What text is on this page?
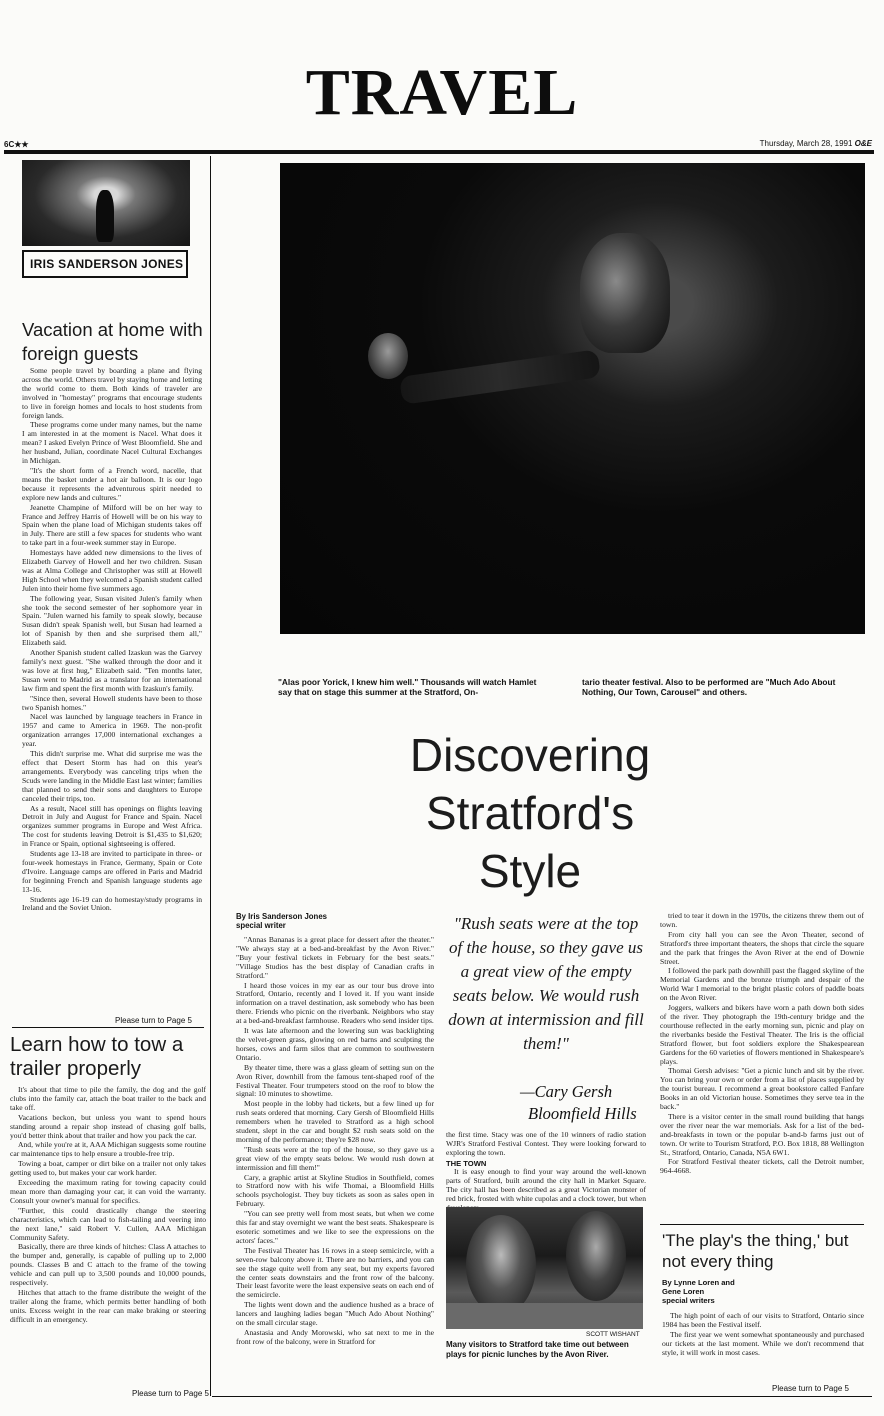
TRAVEL
6C★★	Thursday, March 28, 1991 O&E
IRIS SANDERSON JONES
Vacation at home with foreign guests

Some people travel by boarding a plane and flying across the world. Others travel by staying home and letting the world come to them. Both kinds of traveler are involved in "homestay" programs that encourage students to live in foreign homes and locals to host students from foreign lands.

These programs come under many names, but the name I am interested in at the moment is Nacel. What does it mean? I asked Evelyn Prince of West Bloomfield. She and her husband, Julian, coordinate Nacel Cultural Exchanges in Michigan.

"It's the short form of a French word, nacelle, that means the basket under a hot air balloon. It is our logo because it represents the adventurous spirit needed to explore new lands and cultures."

Jeanette Champine of Milford will be on her way to France and Jeffrey Harris of Howell will be on his way to Spain when the plane load of Michigan students takes off in July. There are still a few spaces for students who want to take part in a four-week summer stay in Europe.

Homestays have added new dimensions to the lives of Elizabeth Garvey of Howell and her two children. Susan was at Alma College and Christopher was still at Howell High School when they welcomed a Spanish student called Julen into their home five summers ago.

The following year, Susan visited Julen's family when she took the second semester of her sophomore year in Spain. "Julen warned his family to speak slowly, because Susan didn't speak Spanish well, but Susan had learned a lot of Spanish by then and she surprised them all," Elizabeth said.

Another Spanish student called Izaskun was the Garvey family's next guest. "She walked through the door and it was love at first hug," Elizabeth said. "Ten months later, Susan went to Madrid as a translator for an international law firm and spent the first month with Izaskun's family.

"Since then, several Howell students have been to those two Spanish homes."

Nacel was launched by language teachers in France in 1957 and came to America in 1969. The non-profit organization arranges 17,000 international exchanges a year.

This didn't surprise me. What did surprise me was the effect that Desert Storm has had on this year's arrangements. Everybody was canceling trips when the Scuds were landing in the Middle East last winter; families that planned to send their sons and daughters to Europe canceled their trips, too.

As a result, Nacel still has openings on flights leaving Detroit in July and August for France and Spain. Nacel organizes summer programs in Europe and West Africa. The cost for students leaving Detroit is $1,435 to $1,620; in France or Spain, optional sightseeing is offered.

Students age 13-18 are invited to participate in three- or four-week homestays in France, Germany, Spain or Cote d'Ivoire. Language camps are offered in Paris and Madrid for beginning French and Spanish language students age 13-16.

Students age 16-19 can do homestay/study programs in Ireland and the Soviet Union.

Please turn to Page 5
Learn how to tow a trailer properly

It's about that time to pile the family, the dog and the golf clubs into the family car, attach the boat trailer to the back and take off.

Vacations beckon, but unless you want to spend hours standing around a repair shop instead of chasing golf balls, you'd better think about that trailer and how you pack the car.

And, while you're at it, AAA Michigan suggests some routine car maintenance tips to help ensure a trouble-free trip.

Towing a boat, camper or dirt bike on a trailer not only takes getting used to, but makes your car work harder.

Exceeding the maximum rating for towing capacity could mean more than damaging your car, it can void the warranty. Consult your owner's manual for specifics.

"Further, this could drastically change the steering characteristics, which can lead to fish-tailing and veering into the next lane," said Robert V. Cullen, AAA Michigan Community Safety.

Basically, there are three kinds of hitches: Class A attaches to the bumper and, generally, is capable of pulling up to 2,000 pounds. Classes B and C attach to the frame of the towing vehicle and can pull up to 3,500 pounds and 10,000 pounds, respectively.

Hitches that attach to the frame distribute the weight of the trailer along the frame, which permits better handling of both units. Excess weight in the rear can make braking or steering difficult in an emergency.

Please turn to Page 5
"Alas poor Yorick, I knew him well." Thousands will watch Hamlet say that on stage this summer at the Stratford, On-
tario theater festival. Also to be performed are "Much Ado About Nothing, Our Town, Carousel" and others.
Discovering
Stratford's
Style
By Iris Sanderson Jones
special writer

"Annas Bananas is a great place for dessert after the theater." "We always stay at a bed-and-breakfast by the Avon River." "Buy your festival tickets in February for the best seats." "Village Studios has the best display of Canadian crafts in Stratford."

I heard those voices in my ear as our tour bus drove into Stratford, Ontario, recently and I loved it. If you want inside information on a travel destination, ask somebody who has been there. Friends who picnic on the riverbank. Neighbors who stay at a bed-and-breakfast farmhouse. Readers who send insider tips.

It was late afternoon and the lowering sun was backlighting the velvet-green grass, glowing on red barns and sculpting the horses, cows and farm silos that are common to southwestern Ontario.

By theater time, there was a glass gleam of setting sun on the Avon River, downhill from the famous tent-shaped roof of the Festival Theater. Four trumpeters stood on the roof to blow the signal: 10 minutes to showtime.

Most people in the lobby had tickets, but a few lined up for rush seats ordered that morning. Cary Gersh of Bloomfield Hills remembers when he traveled to Stratford as a high school student, slept in the car and bought $2 rush seats sold on the morning of the performance; they're $28 now.

"Rush seats were at the top of the house, so they gave us a great view of the empty seats below. We would rush down at intermission and fill them!"

Cary, a graphic artist at Skyline Studios in Southfield, comes to Stratford now with his wife Thomai, a Bloomfield Hills schools psychologist. They buy tickets as soon as sales open in February.

"You can see pretty well from most seats, but when we come this far and stay overnight we want the best seats. Shakespeare is esoteric sometimes and we like to see the expressions on the actors' faces."

The Festival Theater has 16 rows in a steep semicircle, with a seven-row balcony above it. There are no barriers, and you can see the stage quite well from any seat, but my experts favored the center seats downstairs and the front row of the balcony. Their least favorite were the least expensive seats on each end of the semicircle.

The lights went down and the audience hushed as a brace of lancers and laughing ladies began "Much Ado About Nothing" on the small circular stage.

Anastasia and Andy Morowski, who sat next to me in the front row of the balcony, were in Stratford for

"Rush seats were at the top of the house, so they gave us a great view of the empty seats below. We would rush down at intermission and fill them!"
—Cary Gersh
Bloomfield Hills

the first time. Stacy was one of the 10 winners of radio station WJR's Stratford Festival Contest. They were looking forward to exploring the town.

THE TOWN

It is easy enough to find your way around the well-known parts of Stratford, built around the city hall in Market Square. The city hall has been described as a great Victorian monster of red brick, frosted with white cupolas and a clock tower, but when

SCOTT WISHANT
Many visitors to Stratford take time out between plays for picnic lunches by the Avon River.

tried to tear it down in the 1970s, the citizens threw them out of town.

From city hall you can see the Avon Theater, second of Stratford's three important theaters, the shops that circle the square and the park that fringes the Avon River at the end of Downie Street.

I followed the park path downhill past the flagged skyline of the Memorial Gardens and the bronze triumph and despair of the World War I memorial to the bright plastic colors of paddle boats on the Avon River.

Joggers, walkers and bikers have worn a path down both sides of the river. They photograph the 19th-century bridge and the courthouse reflected in the early morning sun, picnic and play on the riverbanks beside the Festival Theater. The Iris is the official Stratford flower, but foot soldiers explore the Shakespearean Gardens for the 60 varieties of flowers mentioned in Shakespeare's plays.

Thomai Gersh advises: "Get a picnic lunch and sit by the river. You can bring your own or order from a list of places supplied by the tourist bureau. I recommend a great bookstore called Fanfare Books in an old Victorian house. Sometimes they serve tea in the back."

There is a visitor center in the small round building that hangs over the river near the war memorials. Ask for a list of the bed-and-breakfasts in town or the popular b-and-b farms just out of town. Or write to Tourism Stratford, P.O. Box 1818, 88 Wellington St., Stratford, Ontario, Canada, N5A 6W1.

For Stratford Festival theater tickets, call the Detroit number, 964-4668.

'The play's the thing,' but not every thing
By Lynne Loren and
Gene Loren
special writers

The high point of each of our visits to Stratford, Ontario since 1984 has been the Festival itself.

The first year we went somewhat spontaneously and purchased our tickets at the last moment. While we don't recommend that style, it will work in most cases.

Please turn to Page 5
